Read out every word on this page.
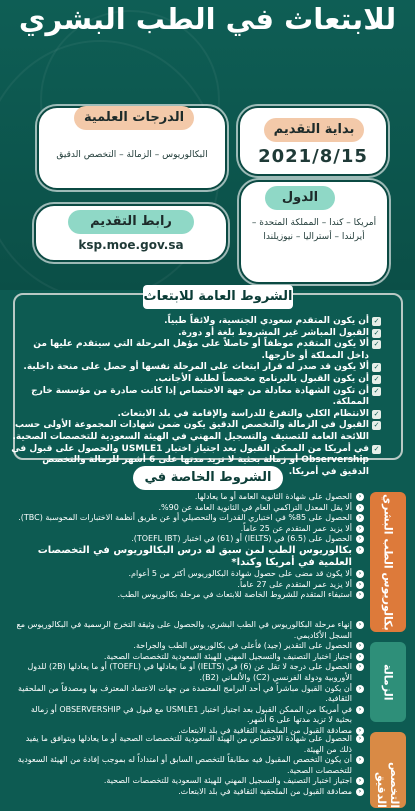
للابتعاث في الطب البشري
الدرجات العلمية
البكالوريوس – الزمالة – التخصص الدقيق
بداية التقديم
2021/8/15
رابط التقديم
ksp.moe.gov.sa
الدول
أمريكا – كندا – المملكة المتحدة – أيرلندا – أستراليا – نيوزيلندا
الشروط العامة للابتعاث
✓
أن يكون المتقدم سعودي الجنسية، ولائقاً طبياً.
✓
القبول المباشر غير المشروط بلغة أو دورة.
✓
ألا يكون المتقدم موظفاً أو حاصلاً على مؤهل المرحلة التي سيتقدم عليها من داخل المملكة أو خارجها.
✓
ألا يكون قد صدر له قرار ابتعاث على المرحلة نفسها أو حصل على منحة داخلية.
✓
أن يكون القبول بالبرنامج مخصصاً لطلبة الأجانب.
✓
أن تكون الشهادة معادلة من جهة الاختصاص إذا كانت صادرة من مؤسسة خارج المملكة.
✓
الانتظام الكلي والتفرغ للدراسة والإقامة في بلد الابتعاث.
✓
القبول في الزمالة والتخصص الدقيق يكون ضمن شهادات المجموعة الأولى حسب اللائحة العامة للتصنيف والتسجيل المهني في الهيئة السعودية للتخصصات الصحية.
✓
في أمريكا من الممكن القبول بعد اجتياز اختبار USMLE1 والحصول على قبول في Observership أو زمالة بحثية لا تزيد مدتها على 6 أشهر للزمالة والتخصص الدقيق في أمريكا.
الشروط الخاصة في
بكالوريوس الطب البشري
الزمالة
التخصص الدقيق
‹
الحصول على شهادة الثانوية العامة أو ما يعادلها.
‹
ألا يقل المعدل التراكمي العام في الثانوية العامة عن 90%.
‹
الحصول على 85% في اختباري القدرات والتحصيلي أو عن طريق أنظمة الاختبارات المحوسبة (TBC).
‹
ألا يزيد عمر المتقدم عن 25 عاماً.
‹
الحصول على (6.5) في (IELTS) أو (61) في اختبار (TOEFL IBT).
‹
بكالوريوس الطب لمن سبق له درس البكالوريوس في التخصصات العلمية في أمريكا وكندا*
‹
ألا يكون قد مضى على حصول شهادة البكالوريوس أكثر من 5 أعوام.
‹
ألا يزيد عمر المتقدم على 27 عاماً.
‹
استيفاء المتقدم للشروط الخاصة للابتعاث في مرحلة بكالوريوس الطب.
‹
إنهاء مرحلة البكالوريوس في الطب البشري، والحصول على وثيقة التخرج الرسمية في البكالوريوس مع السجل الأكاديمي.
‹
الحصول على التقدير (جيد) فأعلى في بكالوريوس الطب والجراحة.
‹
اجتياز اختبار التصنيف والتسجيل المهني للهيئة السعودية للتخصصات الصحية.
‹
الحصول على درجة لا تقل عن (6) في (IELTS) أو ما يعادلها في (TOEFL) أو ما يعادلها (2B) للدول الأوروبية ودولة الفرنسي (C2) والألماني (B2).
‹
أن يكون القبول مباشراً في أحد البرامج المعتمدة من جهات الاعتماد المعترف بها ومصدقاً من الملحقية الثقافية.
‹
في أمريكا من الممكن القبول بعد اجتياز اختبار USMLE1 مع قبول في OBSERVERSHIP أو زمالة بحثية لا تزيد مدتها على 6 أشهر.
‹
مصادقة القبول من الملحقية الثقافية في بلد الابتعاث.
‹
الحصول على شهادة الاختصاص من الهيئة السعودية للتخصصات الصحية أو ما يعادلها ويتوافق ما يفيد ذلك من الهيئة.
‹
أن يكون التخصص المقبول فيه مطابقاً للتخصص السابق أو امتداداً له بموجب إفادة من الهيئة السعودية للتخصصات الصحية.
‹
اجتياز اختبار التصنيف والتسجيل المهني للهيئة السعودية للتخصصات الصحية.
‹
مصادقة القبول من الملحقية الثقافية في بلد الابتعاث.
